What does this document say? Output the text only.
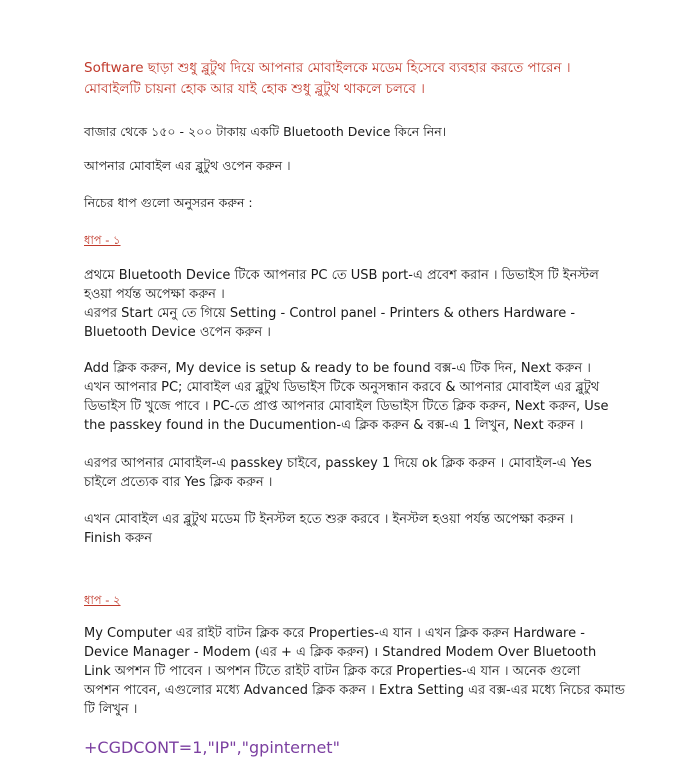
Software ছাড়া শুধু ব্লুটুথ দিয়ে আপনার মোবাইলকে মডেম হিসেবে ব্যবহার করতে পারেন ।
মোবাইলটি চায়না হোক আর যাই হোক শুধু ব্লুটুথ থাকলে চলবে ।

বাজার থেকে ১৫০ - ২০০ টাকায় একটি Bluetooth Device কিনে নিন।

আপনার মোবাইল এর ব্লুটুথ ওপেন করুন ।

নিচের ধাপ গুলো অনুসরন করুন :

ধাপ - ১

প্রথমে Bluetooth Device টিকে আপনার PC তে USB port-এ প্রবেশ করান । ডিভাইস টি ইনস্টল
হওয়া পর্যন্ত অপেক্ষা করুন ।
এরপর Start মেনু তে গিয়ে Setting - Control panel - Printers & others Hardware -
Bluetooth Device ওপেন করুন ।
Add ক্লিক করুন, My device is setup & ready to be found বক্স-এ টিক দিন, Next করুন ।
এখন আপনার PC; মোবাইল এর ব্লুটুথ ডিভাইস টিকে অনুসন্ধান করবে & আপনার মোবাইল এর ব্লুটুথ
ডিভাইস টি খুজে পাবে । PC-তে প্রাপ্ত আপনার মোবাইল ডিভাইস টিতে ক্লিক করুন, Next করুন, Use
the passkey found in the Ducumention-এ ক্লিক করুন & বক্স-এ 1 লিখুন, Next করুন ।
এরপর আপনার মোবাইল-এ passkey চাইবে, passkey 1 দিয়ে ok ক্লিক করুন । মোবাইল-এ Yes
চাইলে প্রত্যেক বার Yes ক্লিক করুন ।
এখন মোবাইল এর ব্লুটুথ মডেম টি ইনস্টল হতে শুরু করবে । ইনস্টল হওয়া পর্যন্ত অপেক্ষা করুন ।
Finish করুন

ধাপ - ২

My Computer এর রাইট বাটন ক্লিক করে Properties-এ যান । এখন ক্লিক করুন Hardware -
Device Manager - Modem (এর + এ ক্লিক করুন) । Standred Modem Over Bluetooth
Link অপশন টি পাবেন । অপশন টিতে রাইট বাটন ক্লিক করে Properties-এ যান । অনেক গুলো
অপশন পাবেন, এগুলোর মধ্যে Advanced ক্লিক করুন । Extra Setting এর বক্স-এর মধ্যে নিচের কমান্ড
টি লিখুন ।

+CGDCONT=1,"IP","gpinternet"
